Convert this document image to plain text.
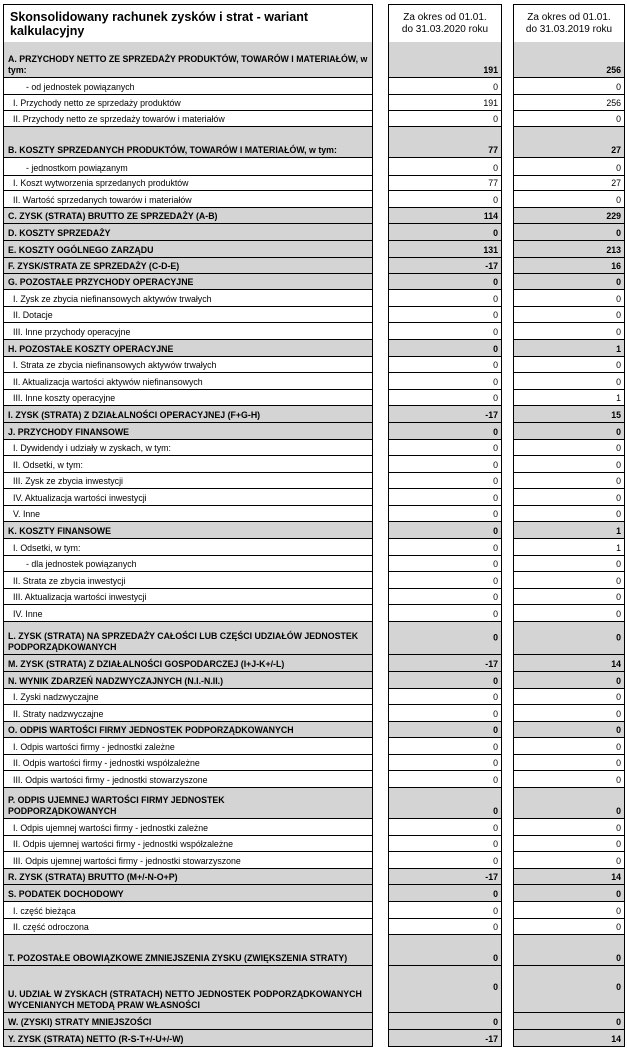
Skonsolidowany rachunek zysków i strat - wariant kalkulacyjny
Za okres od 01.01.
do 31.03.2020 roku
Za okres od 01.01.
do 31.03.2019 roku
A. PRZYCHODY NETTO ZE SPRZEDAŻY PRODUKTÓW, TOWARÓW I MATERIAŁÓW, w tym:	191	256
- od jednostek powiązanych	0	0
I. Przychody netto ze sprzedaży produktów	191	256
II. Przychody netto ze sprzedaży towarów i materiałów	0	0
B. KOSZTY SPRZEDANYCH PRODUKTÓW, TOWARÓW I MATERIAŁÓW, w tym:	77	27
- jednostkom powiązanym	0	0
I. Koszt wytworzenia sprzedanych produktów	77	27
II. Wartość sprzedanych towarów i materiałów	0	0
C. ZYSK (STRATA) BRUTTO ZE SPRZEDAŻY (A-B)	114	229
D. KOSZTY SPRZEDAŻY	0	0
E. KOSZTY OGÓLNEGO ZARZĄDU	131	213
F. ZYSK/STRATA ZE SPRZEDAŻY (C-D-E)	-17	16
G. POZOSTAŁE PRZYCHODY OPERACYJNE	0	0
I. Zysk ze zbycia niefinansowych aktywów trwałych	0	0
II. Dotacje	0	0
III. Inne przychody operacyjne	0	0
H. POZOSTAŁE KOSZTY OPERACYJNE	0	1
I. Strata ze zbycia niefinansowych aktywów trwałych	0	0
II. Aktualizacja wartości aktywów niefinansowych	0	0
III. Inne koszty operacyjne	0	1
I. ZYSK (STRATA) Z DZIAŁALNOŚCI OPERACYJNEJ (F+G-H)	-17	15
J. PRZYCHODY FINANSOWE	0	0
I. Dywidendy i udziały w zyskach, w tym:	0	0
II. Odsetki, w tym:	0	0
III. Zysk ze zbycia inwestycji	0	0
IV. Aktualizacja wartości inwestycji	0	0
V. Inne	0	0
K. KOSZTY FINANSOWE	0	1
I. Odsetki, w tym:	0	1
- dla jednostek powiązanych	0	0
II. Strata ze zbycia inwestycji	0	0
III. Aktualizacja wartości inwestycji	0	0
IV. Inne	0	0
L. ZYSK (STRATA) NA SPRZEDAŻY CAŁOŚCI LUB CZĘŚCI UDZIAŁÓW JEDNOSTEK PODPORZĄDKOWANYCH
0	0
M. ZYSK (STRATA) Z DZIAŁALNOŚCI GOSPODARCZEJ (I+J-K+/-L)	-17	14
N. WYNIK ZDARZEŃ NADZWYCZAJNYCH (N.I.-N.II.)	0	0
I. Zyski nadzwyczajne	0	0
II. Straty nadzwyczajne	0	0
O. ODPIS WARTOŚCI FIRMY JEDNOSTEK PODPORZĄDKOWANYCH	0	0
I. Odpis wartości firmy - jednostki zależne	0	0
II. Odpis wartości firmy - jednostki współzależne	0	0
III. Odpis wartości firmy - jednostki stowarzyszone	0	0
P. ODPIS UJEMNEJ WARTOŚCI FIRMY JEDNOSTEK PODPORZĄDKOWANYCH	0	0
I. Odpis ujemnej wartości firmy - jednostki zależne	0	0
II. Odpis ujemnej wartości firmy - jednostki współzależne	0	0
III. Odpis ujemnej wartości firmy - jednostki stowarzyszone	0	0
R. ZYSK (STRATA) BRUTTO (M+/-N-O+P)	-17	14
S. PODATEK DOCHODOWY	0	0
I. część bieżąca	0	0
II. część odroczona	0	0
T. POZOSTAŁE OBOWIĄZKOWE ZMNIEJSZENIA ZYSKU (ZWIĘKSZENIA STRATY)	0	0
U. UDZIAŁ W ZYSKACH (STRATACH) NETTO JEDNOSTEK PODPORZĄDKOWANYCH WYCENIANYCH METODĄ PRAW WŁASNOŚCI
0	0
W. (ZYSKI) STRATY MNIEJSZOŚCI	0	0
Y. ZYSK (STRATA) NETTO (R-S-T+/-U+/-W)	-17	14
